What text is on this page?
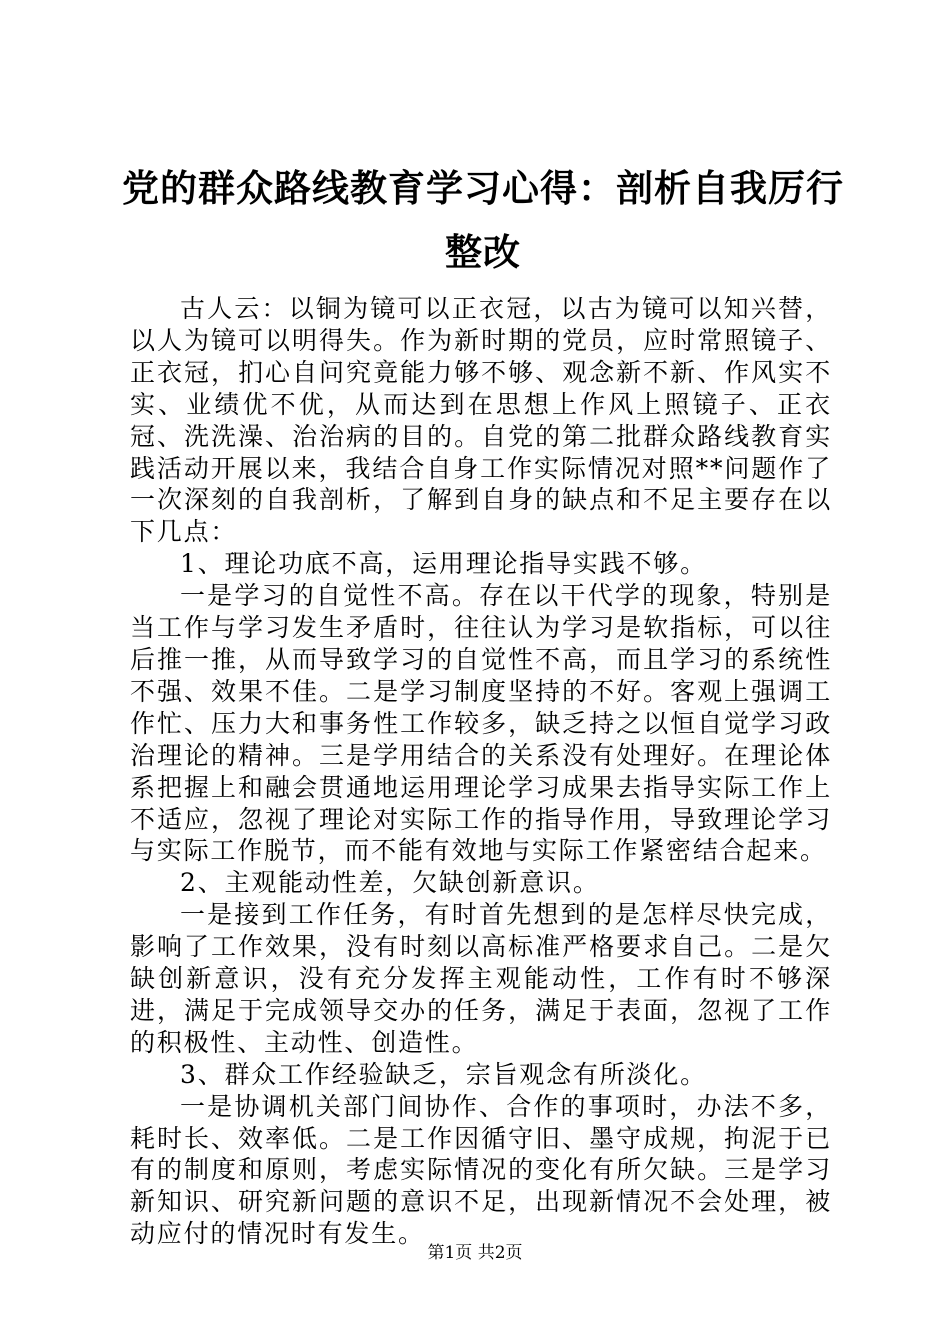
党的群众路线教育学习心得：剖析自我厉行整改

古人云：以铜为镜可以正衣冠，以古为镜可以知兴替，以人为镜可以明得失。作为新时期的党员，应时常照镜子、正衣冠，扪心自问究竟能力够不够、观念新不新、作风实不实、业绩优不优，从而达到在思想上作风上照镜子、正衣冠、洗洗澡、治治病的目的。自党的第二批群众路线教育实践活动开展以来，我结合自身工作实际情况对照**问题作了一次深刻的自我剖析，了解到自身的缺点和不足主要存在以下几点：

1、理论功底不高，运用理论指导实践不够。

一是学习的自觉性不高。存在以干代学的现象，特别是当工作与学习发生矛盾时，往往认为学习是软指标，可以往后推一推，从而导致学习的自觉性不高，而且学习的系统性不强、效果不佳。二是学习制度坚持的不好。客观上强调工作忙、压力大和事务性工作较多，缺乏持之以恒自觉学习政治理论的精神。三是学用结合的关系没有处理好。在理论体系把握上和融会贯通地运用理论学习成果去指导实际工作上不适应，忽视了理论对实际工作的指导作用，导致理论学习与实际工作脱节，而不能有效地与实际工作紧密结合起来。

2、主观能动性差，欠缺创新意识。

一是接到工作任务，有时首先想到的是怎样尽快完成，影响了工作效果，没有时刻以高标准严格要求自己。二是欠缺创新意识，没有充分发挥主观能动性，工作有时不够深进，满足于完成领导交办的任务，满足于表面，忽视了工作的积极性、主动性、创造性。

3、群众工作经验缺乏，宗旨观念有所淡化。

一是协调机关部门间协作、合作的事项时，办法不多，耗时长、效率低。二是工作因循守旧、墨守成规，拘泥于已有的制度和原则，考虑实际情况的变化有所欠缺。三是学习新知识、研究新问题的意识不足，出现新情况不会处理，被动应付的情况时有发生。

第1页 共2页
